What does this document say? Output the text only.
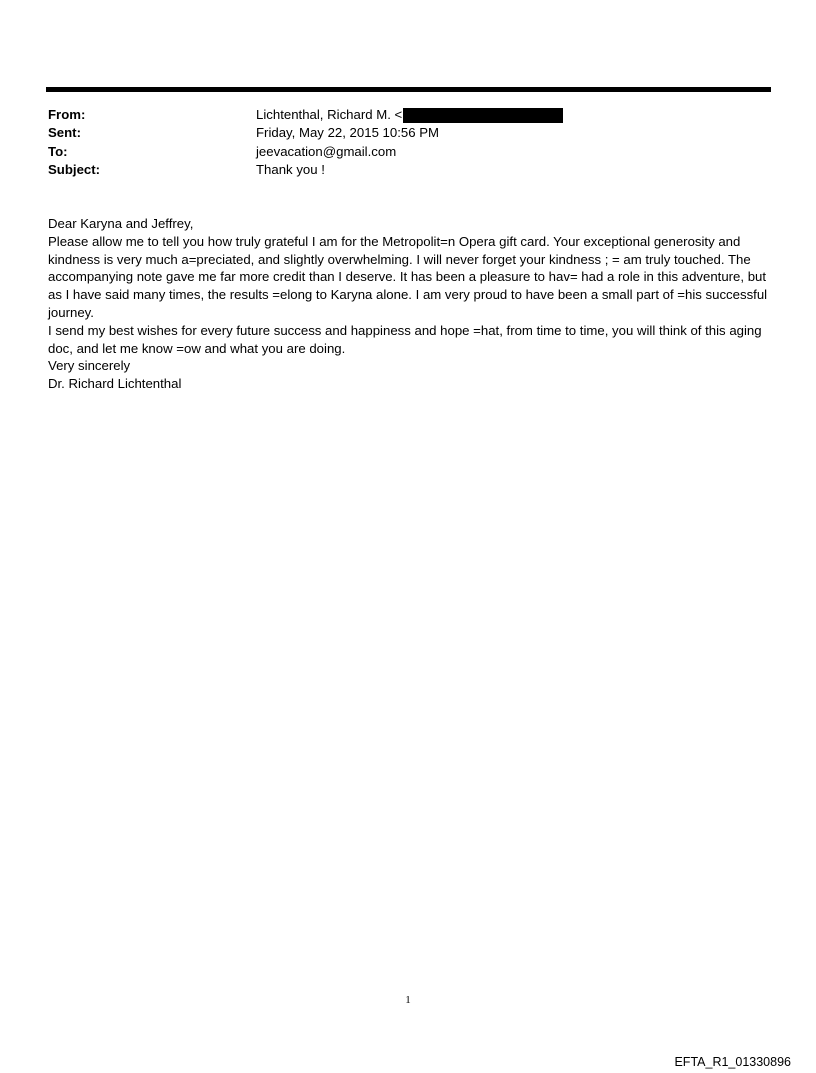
From:	Lichtenthal, Richard M. <
Sent:	Friday, May 22, 2015 10:56 PM
To:	jeevacation@gmail.com
Subject:	Thank you !

Dear Karyna and Jeffrey,

Please allow me to tell you how truly grateful I am for the Metropolit=n Opera gift card. Your exceptional generosity and kindness is very much a=preciated, and slightly overwhelming. I will never forget your kindness ; = am truly touched. The accompanying note gave me far more credit than I deserve. It has been a pleasure to hav= had a role in this adventure, but as I have said many times, the results =elong to Karyna alone. I am very proud to have been a small part of =his successful journey.

I send my best wishes for every future success and happiness and hope =hat, from time to time, you will think of this aging doc, and let me know =ow and what you are doing.

Very sincerely

Dr. Richard Lichtenthal

1
EFTA_R1_01330896
